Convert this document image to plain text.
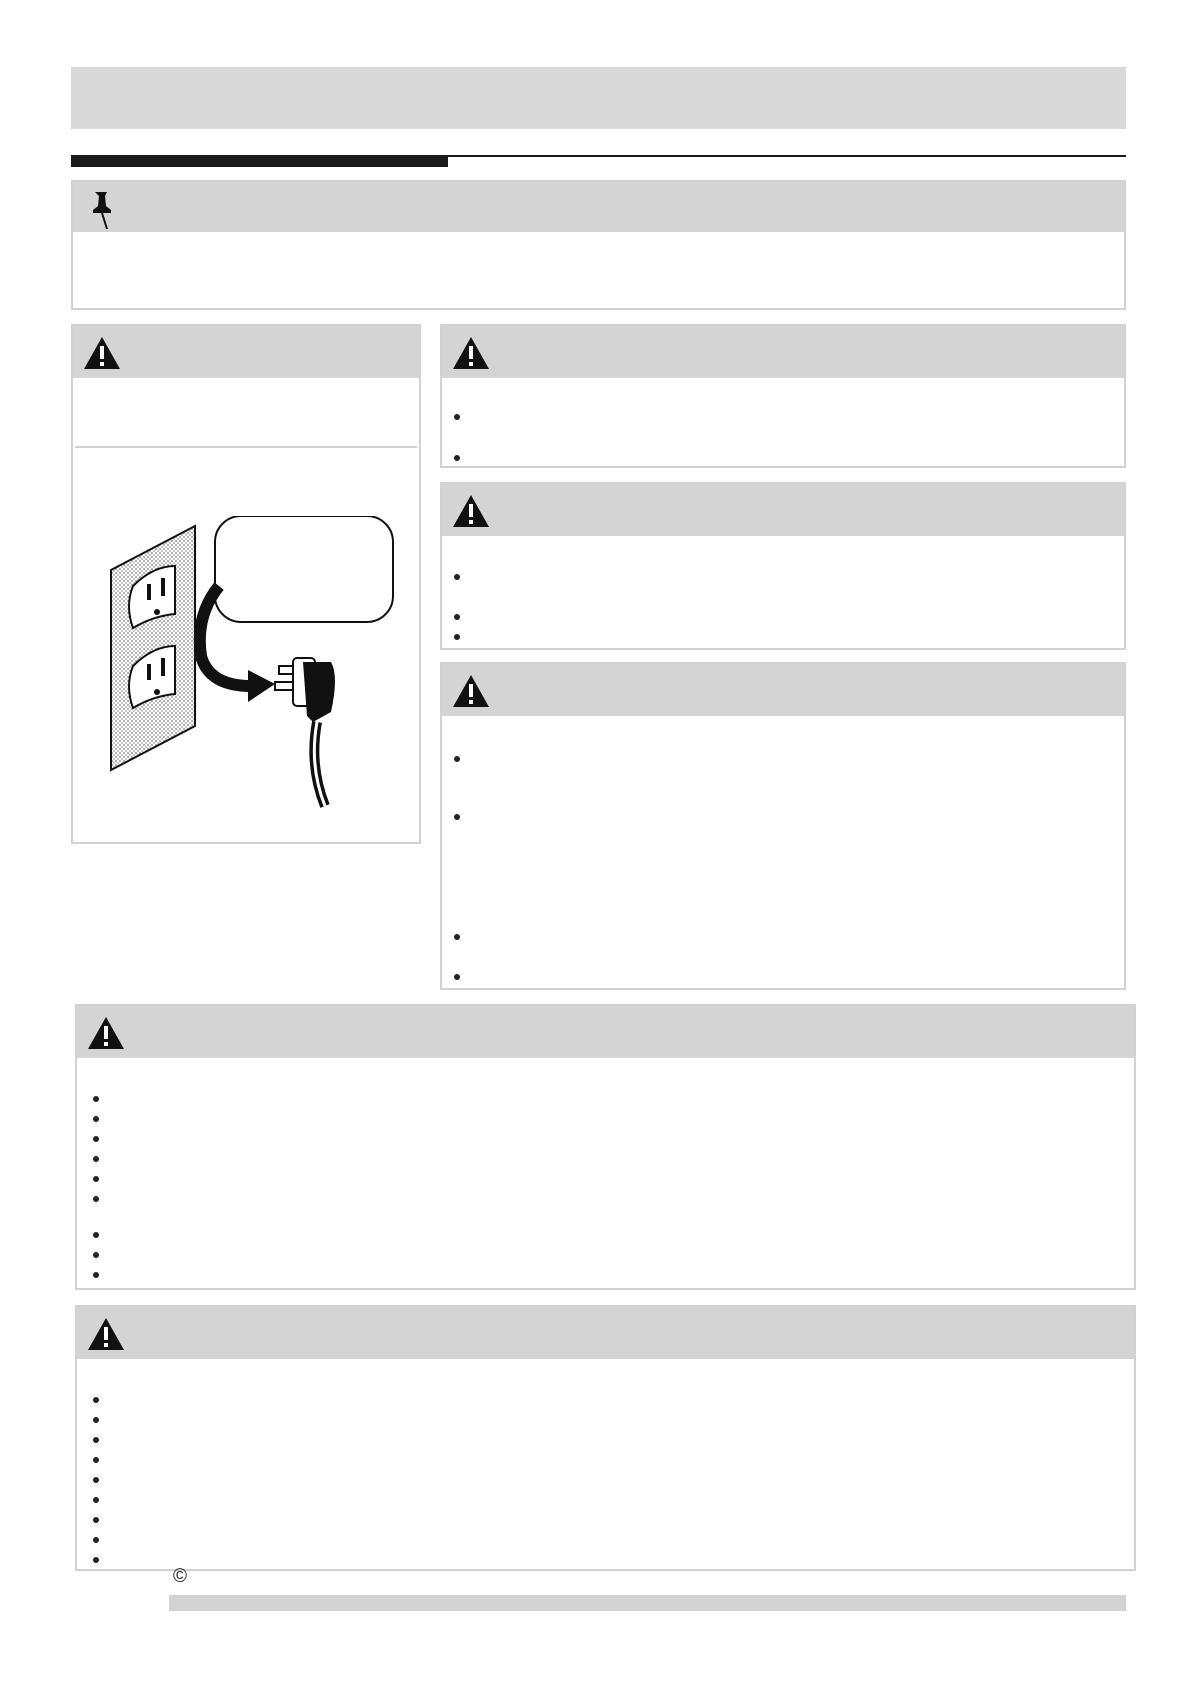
©
